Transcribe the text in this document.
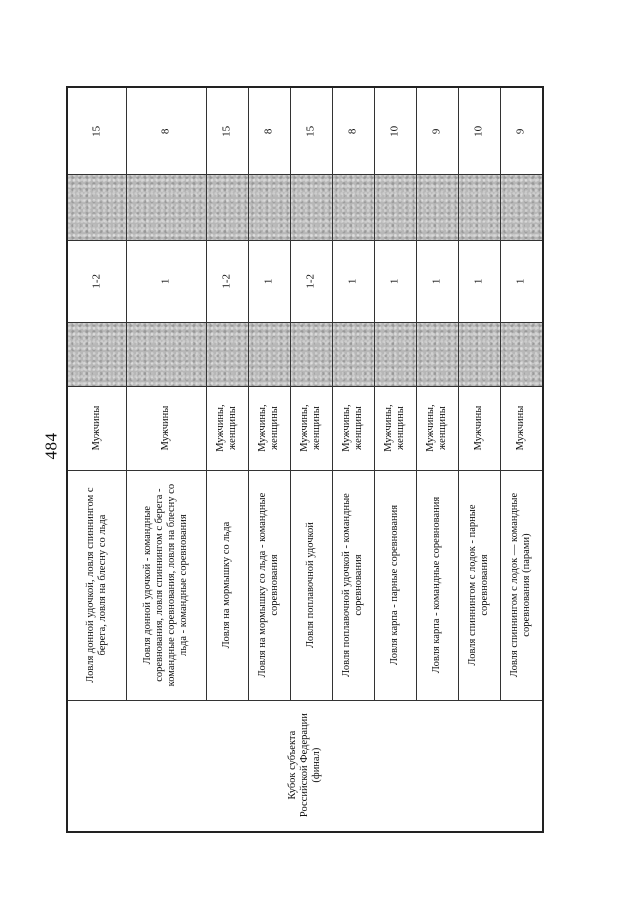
484
Кубок субъекта Российской Федерации (финал)
Ловля донной удочкой, ловля спиннингом с берега, ловля на блесну со льда
Мужчины
1-2
15
Ловля донной удочкой - командные соревнования, ловля спиннингом с берега - командные соревнования, ловля на блесну со льда - командные соревнования
Мужчины
1
8
Ловля на мормышку со льда
Мужчины, женщины
1-2
15
Ловля на мормышку со льда - командные соревнования
Мужчины, женщины
1
8
Ловля поплавочной удочкой
Мужчины, женщины
1-2
15
Ловля поплавочной удочкой - командные соревнования
Мужчины, женщины
1
8
Ловля карпа - парные соревнования
Мужчины, женщины
1
10
Ловля карпа - командные соревнования
Мужчины, женщины
1
9
Ловля спиннингом с лодок - парные соревнования
Мужчины
1
10
Ловля спиннингом с лодок — командные соревнования (парами)
Мужчины
1
9
